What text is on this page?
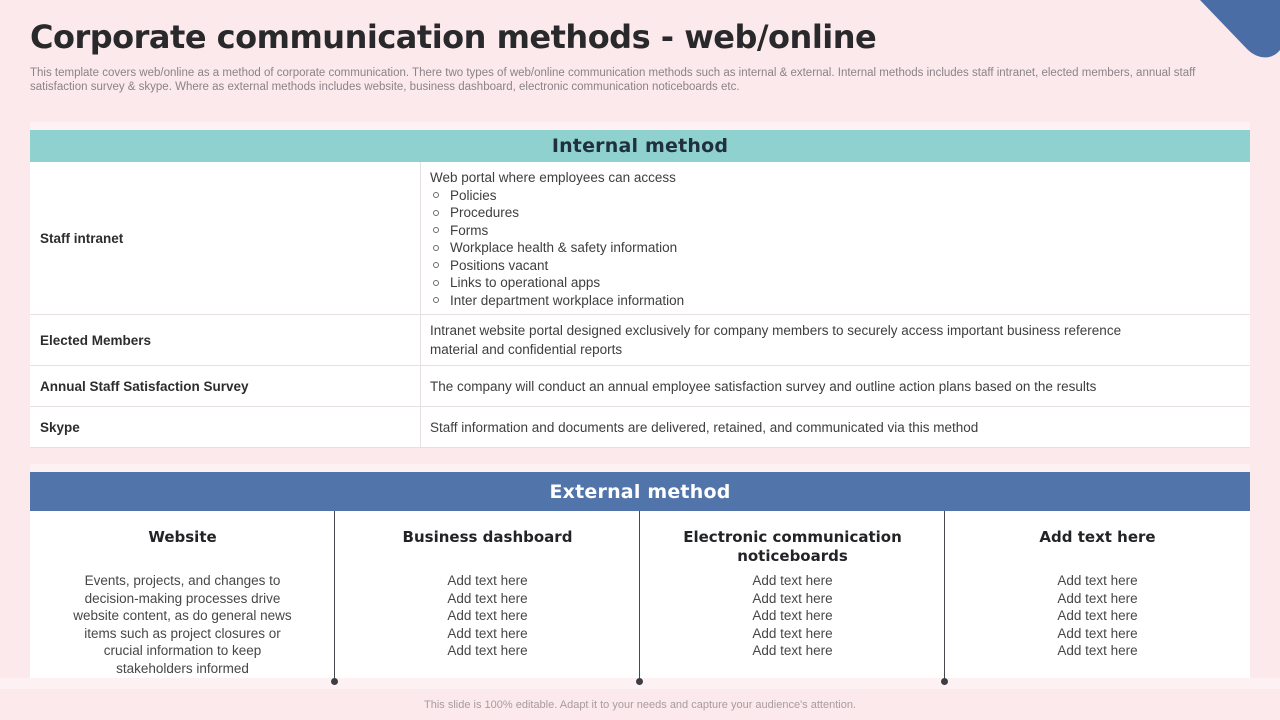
Corporate communication methods - web/online

This template covers web/online as a method of corporate communication. There two types of web/online communication methods such as internal & external. Internal methods includes staff intranet, elected members, annual staff satisfaction survey & skype. Where as external methods includes website, business dashboard, electronic communication noticeboards etc.

Internal method
Staff intranet
Web portal where employees can access
Policies
Procedures
Forms
Workplace health & safety information
Positions vacant
Links to operational apps
Inter department workplace information
Elected Members
Intranet website portal designed exclusively for company members to securely access important business reference material and confidential reports
Annual Staff Satisfaction Survey	The company will conduct an annual employee satisfaction survey and outline action plans based on the results
Skype	Staff information and documents are delivered, retained, and communicated via this method
External method
Website
Events, projects, and changes to decision-making processes drive website content, as do general news items such as project closures or crucial information to keep stakeholders informed
Business dashboard
Add text here
Add text here
Add text here
Add text here
Add text here
Electronic communication noticeboards
Add text here
Add text here
Add text here
Add text here
Add text here
Add text here
Add text here
Add text here
Add text here
Add text here
Add text here
This slide is 100% editable. Adapt it to your needs and capture your audience's attention.
